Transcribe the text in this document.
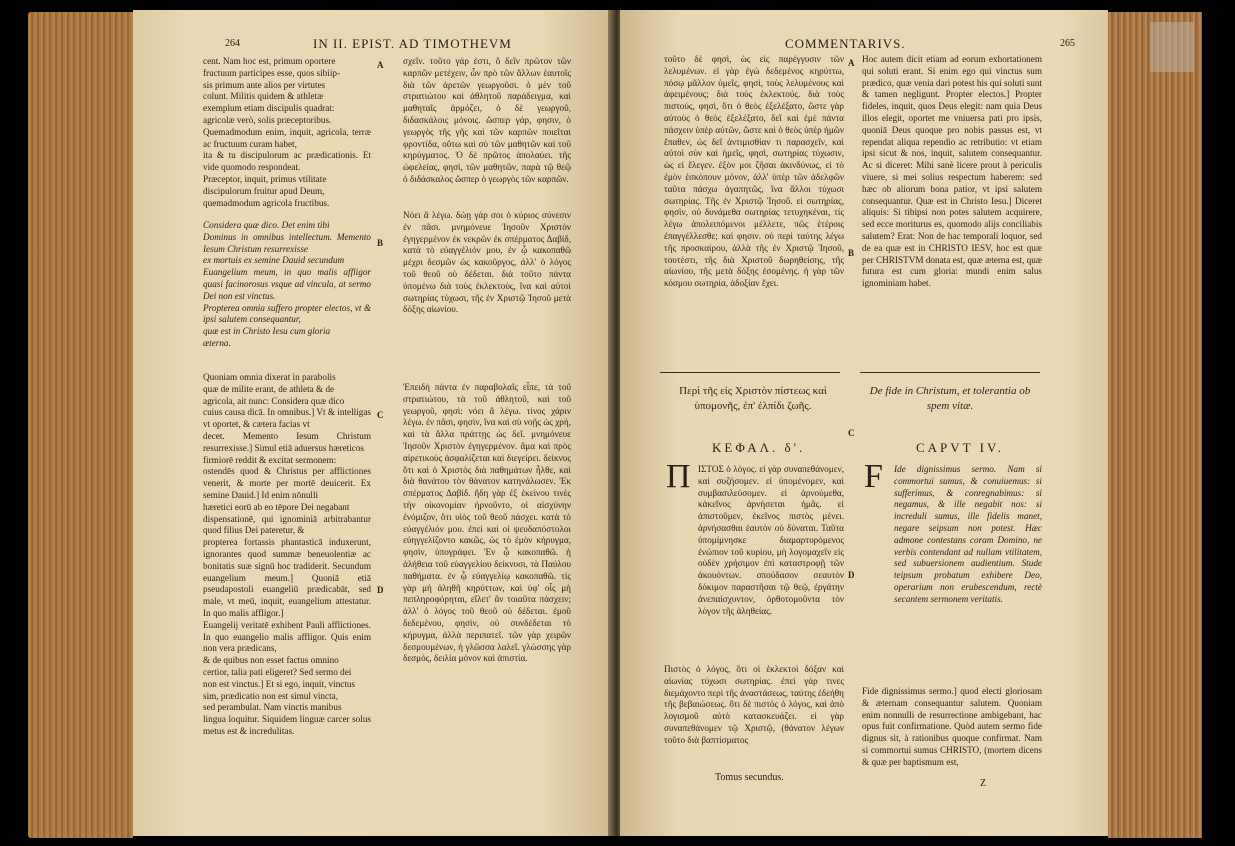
264	IN II. EPIST. AD TIMOTHEVM
cent. Nam hoc est, primum oportere
fructuum participes esse, quos sibiip-
sis primum ante alios per virtutes
colunt. Militis quidem & athletæ
exemplum etiam discipulis quadrat:
agricolæ verò, solis præceptoribus.
Quemadmodum enim, inquit, agricola, terræ ac fructuum curam habet,
ita & tu discipulorum ac prædicationis. Et vide quomodo respondeat.
Præceptor, inquit, primus vtilitate
discipulorum fruitur apud Deum,
quemadmodum agricola fructibus.
Considera quæ dico. Det enim tibi
Dominus in omnibus intellectum. Memento Iesum Christum resurrexisse
ex mortuis ex semine Dauid secundum
Euangelium meum, in quo malis affligor quasi facinorosus vsque ad vincula, at sermo Dei non est vinctus.
Propterea omnia suffero propter electos, vt & ipsi salutem consequantur,
quæ est in Christo Iesu cum gloria
æterna.
Quoniam omnia dixerat in parabolis
quæ de milite erant, de athleta & de
agricola, ait nunc: Considera quæ dico
cuius causa dicā. In omnibus.] Vt & intelligas vt oportet, & cætera facias vt
decet. Memento Iesum Christum resurrexisse.] Simul etiā aduersus hæreticos
firmiorē reddit & excitat sermonem:
ostendēs quod & Christus per afflictiones venerit, & morte per mortē deuicerit. Ex semine Dauid.] Id enim nōnulli
hæretici eorū ab eo tēpore Dei negabant
dispensationē, qui ignominiā arbitrabantur quod filius Dei pateretur, &
propterea fortassis phantasticā induxerunt, ignorantes quod summæ beneuolentiæ ac bonitatis suæ signū hoc tradiderit. Secundum euangelium meum.] Quoniā etiā pseudapostoli euangeliū prædicabāt, sed male, vt meū, inquit, euangelium attestatur. In quo malis affligor.]
Euangelij veritatē exhibent Pauli afflictiones. In quo euangelio malis affligor. Quis enim non vera prædicans,
& de quibus non esset factus omnino
certior, talia pati eligeret? Sed sermo dei
non est vinctus.] Et si ego, inquit, vinctus
sim, prædicatio non est simul vincta,
sed perambulat. Nam vinctis manibus
lingua loquitur. Siquidem linguæ carcer solus metus est & incredulitas.
σχεῖν. τοῦτο γάρ ἐστι, ὃ δεῖν πρῶτον τῶν καρπῶν μετέχειν, ὧν πρὸ τῶν ἄλλων ἑαυτοῖς διὰ τῶν ἀρετῶν γεωργοῦσι. ὁ μὲν τοῦ στρατιώτου καὶ ἀθλητοῦ παράδειγμα, καὶ μαθηταῖς ἁρμόζει, ὁ δὲ γεωργοῦ, διδασκάλοις μόνοις. ὥσπερ γάρ, φησιν, ὁ γεωργὸς τῆς γῆς καὶ τῶν καρπῶν ποιεῖται φροντίδα, οὕτω καὶ σὺ τῶν μαθητῶν καὶ τοῦ κηρύγματος. Ὁ δὲ πρῶτος ἀπολαύει. τῆς ὠφελείας, φησὶ, τῶν μαθητῶν, παρὰ τῷ θεῷ ὁ διδάσκαλος ὥσπερ ὁ γεωργὸς τῶν καρπῶν.
Νόει ἃ λέγω. δώῃ γάρ σοι ὁ κύριος σύνεσιν ἐν πᾶσι. μνημόνευε Ἰησοῦν Χριστὸν ἐγηγερμένον ἐκ νεκρῶν ἐκ σπέρματος Δαβίδ, κατὰ τὸ εὐαγγέλιόν μου, ἐν ᾧ κακοπαθῶ μέχρι δεσμῶν ὡς κακοῦργος, ἀλλ' ὁ λόγος τοῦ θεοῦ οὐ δέδεται. διὰ τοῦτο πάντα ὑπομένω διὰ τοὺς ἐκλεκτοὺς, ἵνα καὶ αὐτοὶ σωτηρίας τύχωσι, τῆς ἐν Χριστῷ Ἰησοῦ μετὰ δόξης αἰωνίου.
Ἐπειδὴ πάντα ἐν παραβολαῖς εἶπε, τὰ τοῦ στρατιώτου, τὰ τοῦ ἀθλητοῦ, καὶ τοῦ γεωργοῦ, φησὶ: νόει ἃ λέγω. τίνος χάριν λέγω. ἐν πᾶσι, φησὶν, ἵνα καὶ σὺ νοῇς ὡς χρή, καὶ τὰ ἄλλα πράττῃς ὡς δεῖ. μνημόνευε Ἰησοῦν Χριστὸν ἐγηγερμένον. ἅμα καὶ πρὸς αἱρετικοὺς ἀσφαλίζεται καὶ διεγείρει. δείκνυς ὅτι καὶ ὁ Χριστὸς διὰ παθημάτων ἦλθε, καὶ διὰ θανάτου τὸν θάνατον κατηνάλωσεν. Ἐκ σπέρματος Δαβίδ. ἤδη γὰρ ἐξ ἐκείνου τινὲς τὴν οἰκονομίαν ἠρνοῦντο, οἱ αἰσχύνην ἐνόμιζον, ὅτι υἱὸς τοῦ θεοῦ πάσχει. κατὰ τὸ εὐαγγέλιόν μου. ἐπεὶ καὶ οἱ ψευδαπόστολοι εὐηγγελίζοντο κακῶς, ὡς τὸ ἐμὸν κήρυγμα, φησὶν, ὑπογράφει. Ἐν ᾧ κακοπαθῶ. ἡ ἀλήθεια τοῦ εὐαγγελίου δείκνυσι, τὰ Παύλου παθήματα. ἐν ᾧ εὐαγγελίῳ κακοπαθῶ. τίς γὰρ μὴ ἀληθῆ κηρύττων, καὶ ὑφ' οἷς μὴ πεπληροφόρηται, εἵλετ' ἂν τοιαῦτα πάσχειν; ἀλλ' ὁ λόγος τοῦ θεοῦ οὐ δέδεται. ἐμοῦ δεδεμένου, φησὶν, οὐ συνδέδεται τὸ κήρυγμα, ἀλλὰ περιπατεῖ. τῶν γὰρ χειρῶν δεσμουμένων, ἡ γλῶσσα λαλεῖ. γλώσσης γὰρ δεσμὸς, δειλία μόνον καὶ ἀπιστία.
A
B
C
D
COMMENTARIVS.	265
τοῦτο δὲ φησὶ, ὡς εἰς παρέγγυσιν τῶν λελυμένων. εἰ γὰρ ἐγὼ δεδεμένος κηρύττω, πόσῳ μᾶλλον ὑμεῖς, φησὶ, τοὺς λελυμένους καὶ ἀφειμένους; διὰ τοὺς ἐκλεκτούς. διὰ τοὺς πιστούς, φησὶ, ὅτι ὁ θεὸς ἐξελέξατο, ὥστε γὰρ αὐτοὺς ὁ θεὸς ἐξελέξατο, δεῖ καὶ ἐμὲ πάντα πάσχειν ὑπὲρ αὐτῶν, ὥστε καὶ ὁ θεὸς ὑπὲρ ἡμῶν ἔπαθεν, ὡς δεῖ ἀντιμισθίαν τι παρασχεῖν, καὶ αὐτοὶ σὺν καὶ ἡμεῖς, φησὶ, σωτηρίας τύχωσιν, ὡς εἰ ἔλεγεν. ἐξὸν μοι ζῆσαι ἀκινδύνως, εἰ τὸ ἐμὸν ἐσκόπουν μόνον, ἀλλ' ὑπὲρ τῶν ἀδελφῶν ταῦτα πάσχω ἀγαπητῶς, ἵνα ἄλλοι τύχωσι σωτηρίας. Τῆς ἐν Χριστῷ Ἰησοῦ. εἰ σωτηρίας, φησὶν, οὐ δυνάμεθα σωτηρίας τετυχηκέναι, τίς λέγω ἀπολειπόμενοι μέλλετε, πῶς ἑτέροις ἐπαγγέλλεσθε; καὶ φησιν. οὐ περὶ ταύτης λέγω τῆς προσκαίρου, ἀλλὰ τῆς ἐν Χριστῷ Ἰησοῦ, τουτέστι, τῆς διὰ Χριστοῦ δωρηθείσης, τῆς αἰωνίου, τῆς μετὰ δόξης ἐσομένης. ἡ γὰρ τῶν κόσμου σωτηρία, ἀδοξίαν ἔχει.
Hoc autem dicit etiam ad eorum exhortationem qui soluti erant. Si enim ego qui vinctus sum prædico, quæ venia dari potest his qui soluti sunt & tamen negligunt. Propter electos.] Propter fideles, inquit, quos Deus elegit: nam quia Deus illos elegit, oportet me vniuersa pati pro ipsis, quoniā Deus quoque pro nobis passus est, vt rependat aliqua rependio ac retributio: vt etiam ipsi sicut & nos, inquit, salutem consequantur. Ac si diceret: Mihi sanè licere prout à periculis viuere, si mei solius respectum haberem: sed hæc ob aliorum bona patior, vt ipsi salutem consequantur. Quæ est in Christo Iesu.] Diceret aliquis: Si tibipsi non potes salutem acquirere, sed ecce moriturus es, quomodo alijs conciliabis salutem? Erat: Non de hac temporali loquor, sed de ea quæ est in CHRISTO IESV, hoc est quæ per CHRISTVM donata est, quæ æterna est, quæ futura est cum gloria: mundi enim salus ignominiam habet.
A
B
C
D
Περὶ τῆς εἰς Χριστὸν πίστεως καὶ ὑπομονῆς, ἐπ' ἐλπίδι ζωῆς.
De fide in Christum, et tolerantia ob spem vitæ.
ΚΕΦΑΛ. δ'.	CAPVT IV.
Π ΙΣΤΟΣ ὁ λόγος. εἰ γὰρ συναπεθάνομεν, καὶ συζήσομεν. εἰ ὑπομένομεν, καὶ συμβασιλεύσομεν. εἰ ἀρνούμεθα, κἀκεῖνος ἀρνήσεται ἡμᾶς. εἰ ἀπιστοῦμεν, ἐκεῖνος πιστὸς μένει. ἀρνήσασθαι ἑαυτὸν οὐ δύναται. Ταῦτα ὑπομίμνησκε διαμαρτυρόμενος ἐνώπιον τοῦ κυρίου, μὴ λογομαχεῖν εἰς οὐδὲν χρήσιμον ἐπὶ καταστροφῇ τῶν ἀκουόντων. σπούδασον σεαυτὸν δόκιμον παραστῆσαι τῷ θεῷ, ἐργάτην ἀνεπαίσχυντον, ὀρθοτομοῦντα τὸν λόγον τῆς ἀληθείας.
F Ide dignissimus sermo. Nam si commortui sumus, & conuiuemus: si sufferimus, & conregnabimus: si negamus, & ille negabit nos: si increduli sumus, ille fidelis manet, negare seipsum non potest. Hæc admone contestans coram Domino, ne verbis contendant ad nullam vtilitatem, sed subuersionem audientium. Stude teipsum probatum exhibere Deo, operarium non erubescendum, rectè secantem sermonem veritatis.
Πιστὸς ὁ λόγος, ὅτι οἱ ἐκλεκτοὶ δόξαν καὶ αἰωνίας τύχωσι σωτηρίας. ἐπεὶ γάρ τινες διεμάχοντο περὶ τῆς ἀναστάσεως, ταύτης ἐδεήθη τῆς βεβαιώσεως. ὅτι δὲ πιστὸς ὁ λόγος, καὶ ἀπὸ λογισμοῦ αὐτὸ κατασκευάζει. εἰ γὰρ συναπεθάνομεν τῷ Χριστῷ, (θάνατον λέγων τοῦτο διὰ βαπτίσματος
Fide dignissimus sermo.] quod electi gloriosam & æternam consequantur salutem. Quoniam enim nonnulli de resurrectione ambigebant, hac opus fuit confirmatione. Quòd autem sermo fide dignus sit, à rationibus quoque confirmat. Nam si commortui sumus CHRISTO, (mortem dicens & quæ per baptismum est,
Tomus secundus.
Z
